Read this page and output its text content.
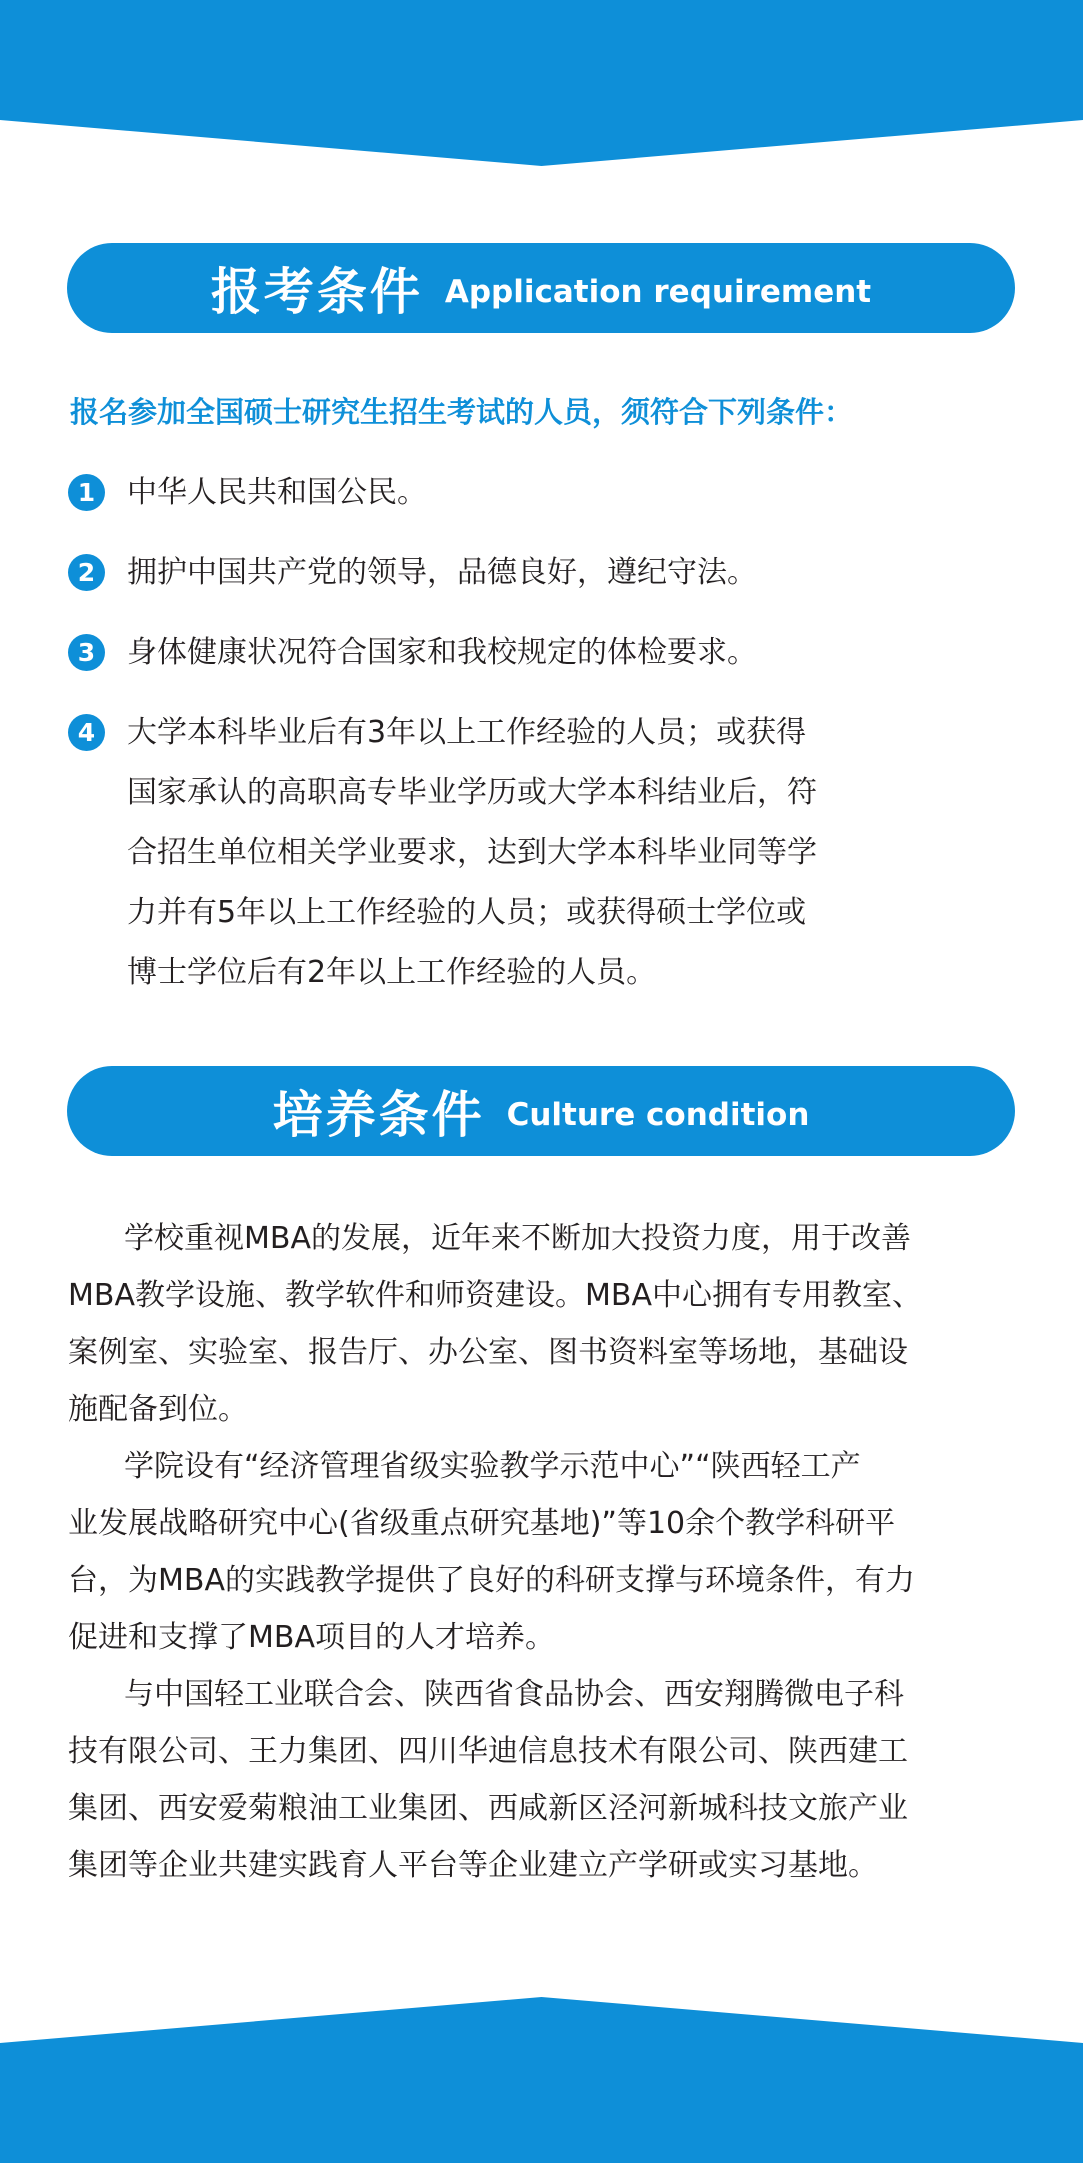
报考条件 Application requirement
报名参加全国硕士研究生招生考试的人员，须符合下列条件：
1	中华人民共和国公民。
2	拥护中国共产党的领导，品德良好，遵纪守法。
3	身体健康状况符合国家和我校规定的体检要求。
4	大学本科毕业后有3年以上工作经验的人员；或获得
国家承认的高职高专毕业学历或大学本科结业后，符
合招生单位相关学业要求，达到大学本科毕业同等学
力并有5年以上工作经验的人员；或获得硕士学位或
博士学位后有2年以上工作经验的人员。
培养条件 Culture condition
学校重视MBA的发展，近年来不断加大投资力度，用于改善
MBA教学设施、教学软件和师资建设。MBA中心拥有专用教室、
案例室、实验室、报告厅、办公室、图书资料室等场地，基础设
施配备到位。
学院设有“经济管理省级实验教学示范中心”“陕西轻工产
业发展战略研究中心(省级重点研究基地)”等10余个教学科研平
台，为MBA的实践教学提供了良好的科研支撑与环境条件，有力
促进和支撑了MBA项目的人才培养。
与中国轻工业联合会、陕西省食品协会、西安翔腾微电子科
技有限公司、王力集团、四川华迪信息技术有限公司、陕西建工
集团、西安爱菊粮油工业集团、西咸新区泾河新城科技文旅产业
集团等企业共建实践育人平台等企业建立产学研或实习基地。
